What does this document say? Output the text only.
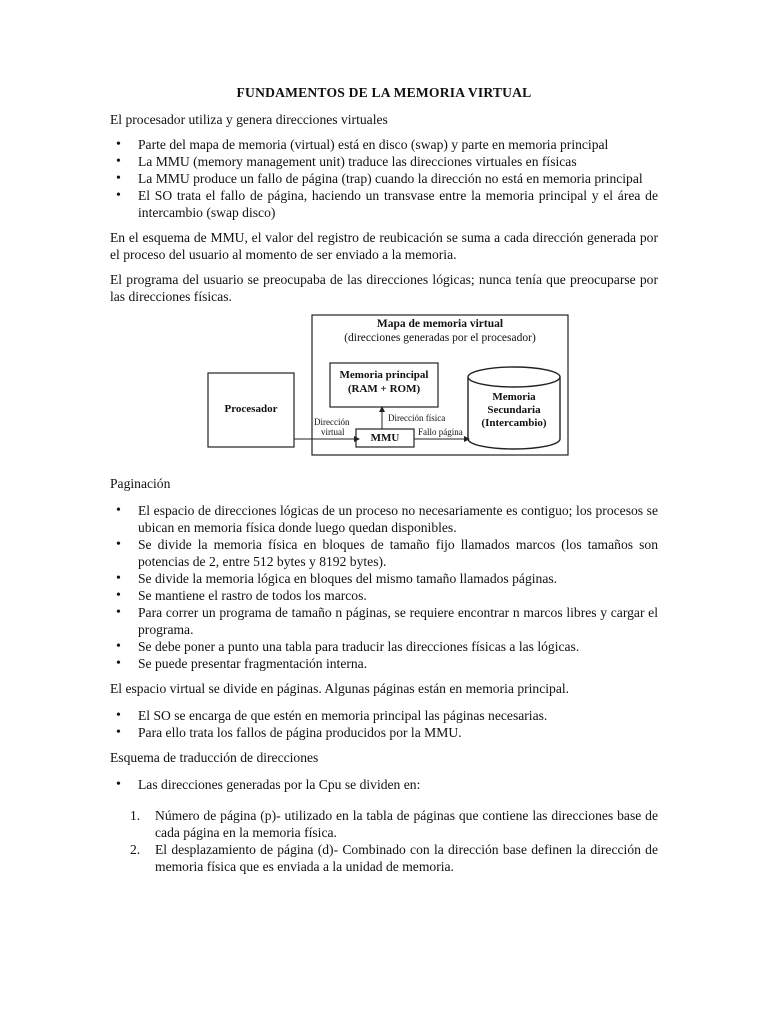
FUNDAMENTOS DE LA MEMORIA VIRTUAL

El procesador utiliza y genera direcciones virtuales

• Parte del mapa de memoria (virtual) está en disco (swap) y parte en memoria principal
• La MMU (memory management unit) traduce las direcciones virtuales en físicas
• La MMU produce un fallo de página (trap) cuando la dirección no está en memoria principal
• El SO trata el fallo de página, haciendo un transvase entre la memoria principal y el área de intercambio (swap disco)

En el esquema de MMU, el valor del registro de reubicación se suma a cada dirección generada por el proceso del usuario al momento de ser enviado a la memoria.

El programa del usuario se preocupaba de las direcciones lógicas; nunca tenía que preocuparse por las direcciones físicas.

Mapa de memoria virtual
(direcciones generadas por el procesador)
Procesador
Memoria principal
(RAM + ROM)
Memoria
Secundaria
(Intercambio)
MMU
Dirección
virtual
Dirección física
Fallo página

Paginación

• El espacio de direcciones lógicas de un proceso no necesariamente es contiguo; los procesos se ubican en memoria física donde luego quedan disponibles.
• Se divide la memoria física en bloques de tamaño fijo llamados marcos (los tamaños son potencias de 2, entre 512 bytes y 8192 bytes).
• Se divide la memoria lógica en bloques del mismo tamaño llamados páginas.
• Se mantiene el rastro de todos los marcos.
• Para correr un programa de tamaño n páginas, se requiere encontrar n marcos libres y cargar el programa.
• Se debe poner a punto una tabla para traducir las direcciones físicas a las lógicas.
• Se puede presentar fragmentación interna.

El espacio virtual se divide en páginas. Algunas páginas están en memoria principal.

• El SO se encarga de que estén en memoria principal las páginas necesarias.
• Para ello trata los fallos de página producidos por la MMU.

Esquema de traducción de direcciones

• Las direcciones generadas por la Cpu se dividen en:
1. Número de página (p)- utilizado en la tabla de páginas que contiene las direcciones base de cada página en la memoria física.
2. El desplazamiento de página (d)- Combinado con la dirección base definen la dirección de memoria física que es enviada a la unidad de memoria.
